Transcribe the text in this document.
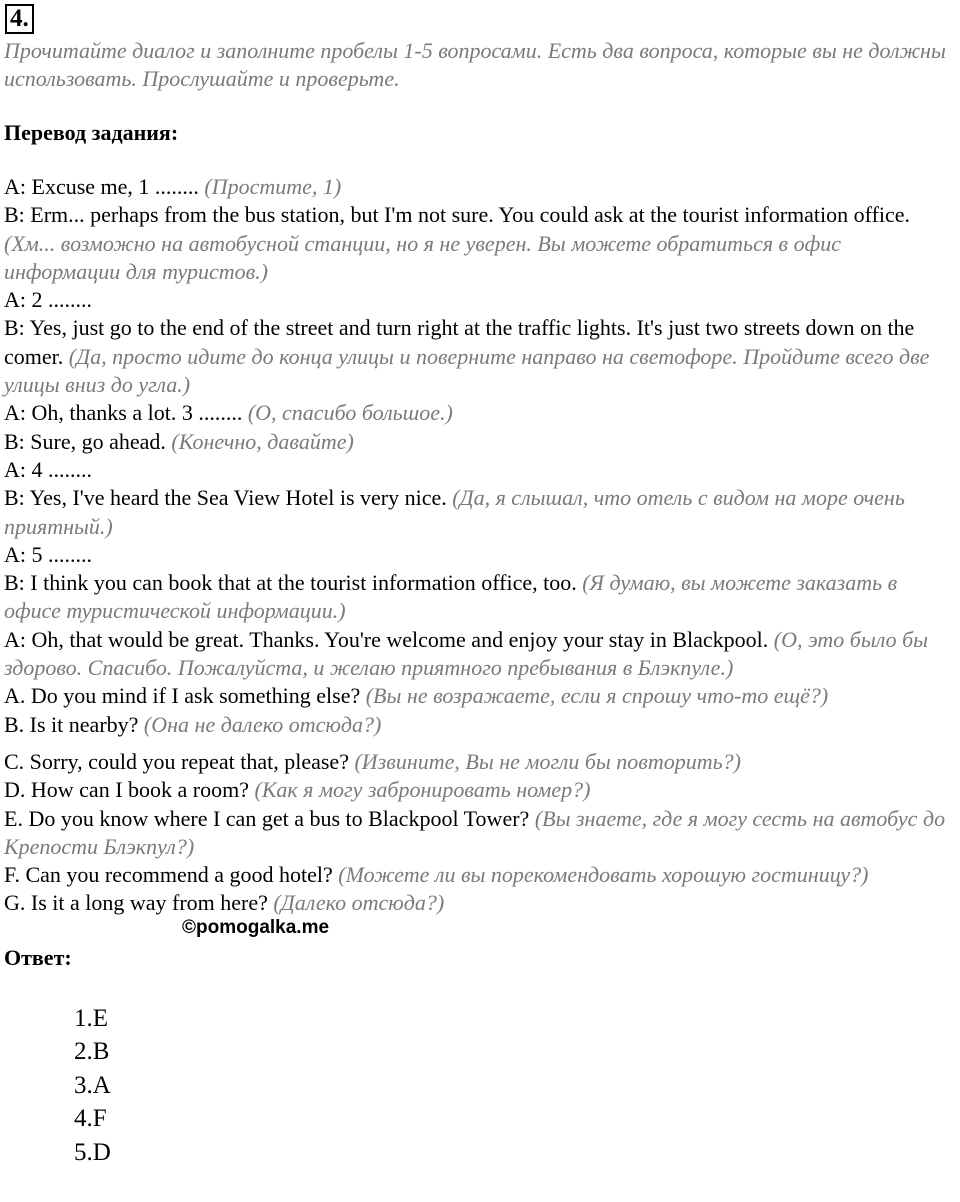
4.
Прочитайте диалог и заполните пробелы 1-5 вопросами. Есть два вопроса, которые вы не должны использовать. Прослушайте и проверьте.
Перевод задания:
A: Excuse me, 1 ........ (Простите, 1)
B: Erm... perhaps from the bus station, but I'm not sure. You could ask at the tourist information office. (Хм... возможно на автобусной станции, но я не уверен. Вы можете обратиться в офис информации для туристов.)
A: 2 ........
B: Yes, just go to the end of the street and turn right at the traffic lights. It's just two streets down on the comer. (Да, просто идите до конца улицы и поверните направо на светофоре. Пройдите всего две улицы вниз до угла.)
A: Oh, thanks a lot. 3 ........ (О, спасибо большое.)
B: Sure, go ahead. (Конечно, давайте)
A: 4 ........
B: Yes, I've heard the Sea View Hotel is very nice. (Да, я слышал, что отель с видом на море очень приятный.)
A: 5 ........
B: I think you can book that at the tourist information office, too. (Я думаю, вы можете заказать в офисе туристической информации.)
A: Oh, that would be great. Thanks. You're welcome and enjoy your stay in Blackpool. (О, это было бы здорово. Спасибо. Пожалуйста, и желаю приятного пребывания в Блэкпуле.)
A. Do you mind if I ask something else? (Вы не возражаете, если я спрошу что-то ещё?)
B. Is it nearby? (Она не далеко отсюда?)
C. Sorry, could you repeat that, please? (Извините, Вы не могли бы повторить?)
D. How can I book a room? (Как я могу забронировать номер?)
E. Do you know where I can get a bus to Blackpool Tower? (Вы знаете, где я могу сесть на автобус до Крепости Блэкпул?)
F. Can you recommend a good hotel? (Можете ли вы порекомендовать хорошую гостиницу?)
G. Is it a long way from here? (Далеко отсюда?)
©pomogalka.me
Ответ:
1.E
2.B
3.A
4.F
5.D
